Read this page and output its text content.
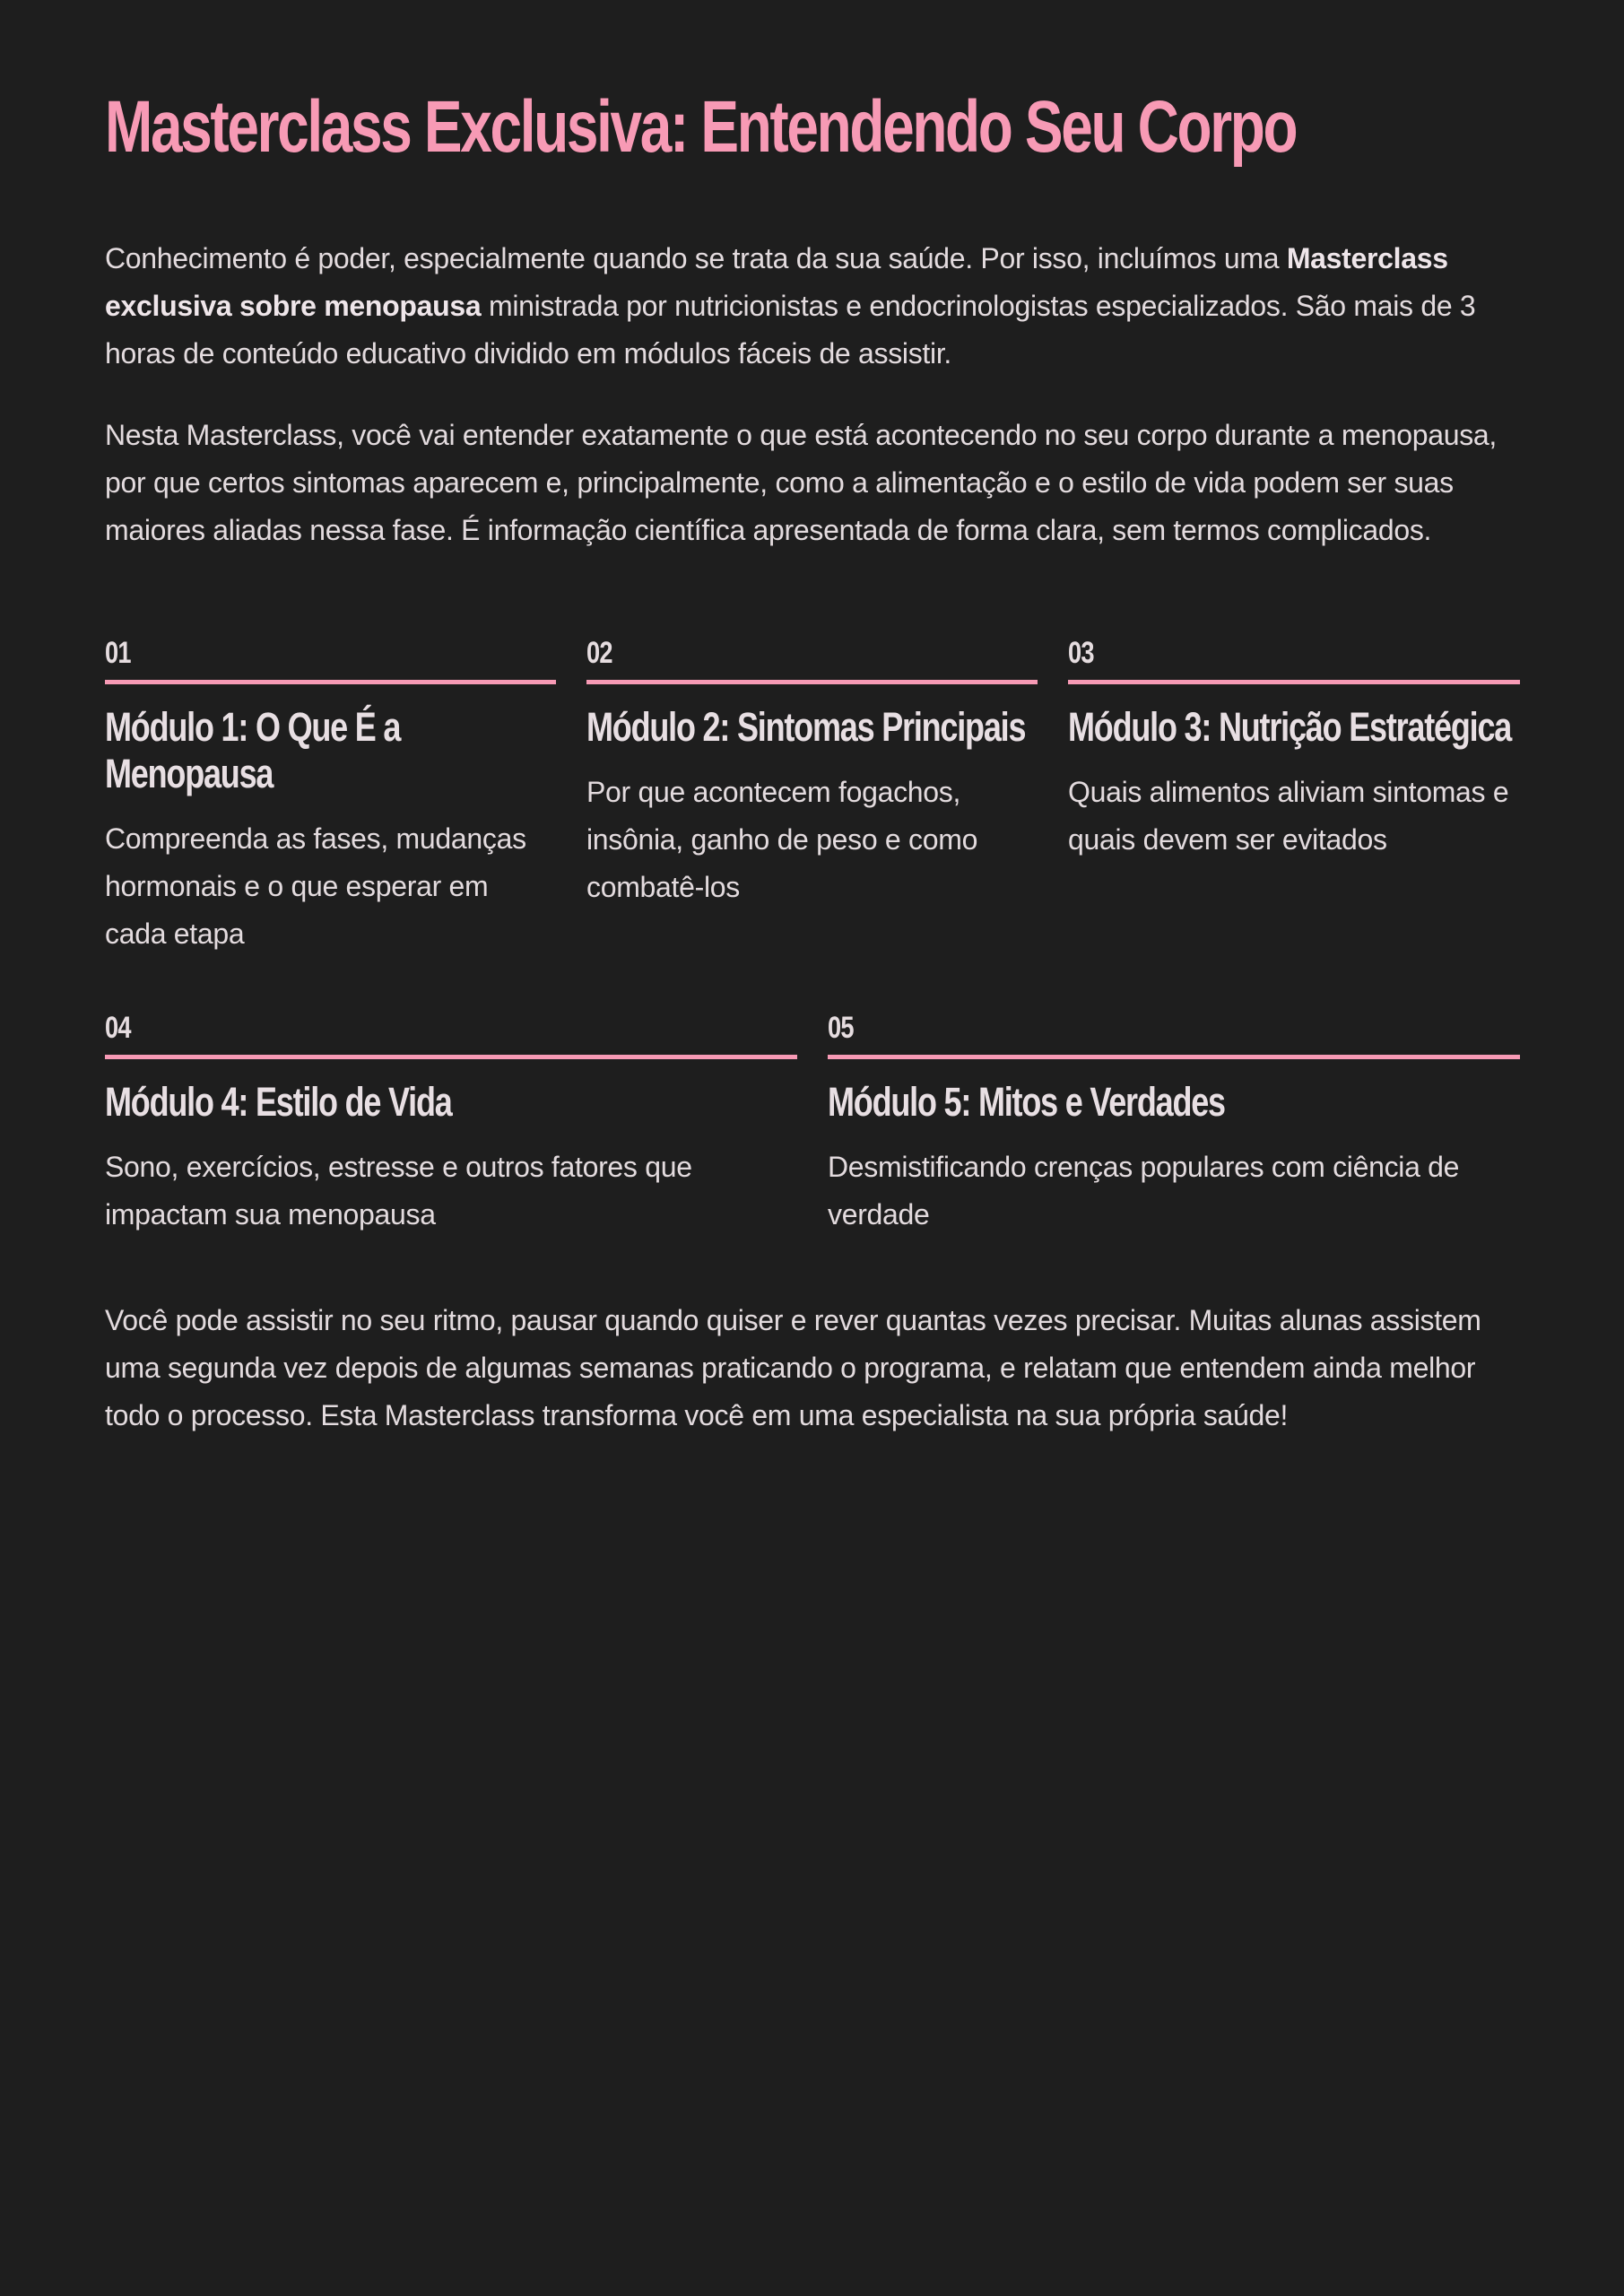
Masterclass Exclusiva: Entendendo Seu Corpo

Conhecimento é poder, especialmente quando se trata da sua saúde. Por isso, incluímos uma Masterclass exclusiva sobre menopausa ministrada por nutricionistas e endocrinologistas especializados. São mais de 3 horas de conteúdo educativo dividido em módulos fáceis de assistir.

Nesta Masterclass, você vai entender exatamente o que está acontecendo no seu corpo durante a menopausa, por que certos sintomas aparecem e, principalmente, como a alimentação e o estilo de vida podem ser suas maiores aliadas nessa fase. É informação científica apresentada de forma clara, sem termos complicados.

01
Módulo 1: O Que É a Menopausa
Compreenda as fases, mudanças hormonais e o que esperar em cada etapa
02
Módulo 2: Sintomas Principais
Por que acontecem fogachos, insônia, ganho de peso e como combatê-los
03
Módulo 3: Nutrição Estratégica
Quais alimentos aliviam sintomas e quais devem ser evitados
04
Módulo 4: Estilo de Vida
Sono, exercícios, estresse e outros fatores que impactam sua menopausa
05
Módulo 5: Mitos e Verdades
Desmistificando crenças populares com ciência de verdade

Você pode assistir no seu ritmo, pausar quando quiser e rever quantas vezes precisar. Muitas alunas assistem uma segunda vez depois de algumas semanas praticando o programa, e relatam que entendem ainda melhor todo o processo. Esta Masterclass transforma você em uma especialista na sua própria saúde!
